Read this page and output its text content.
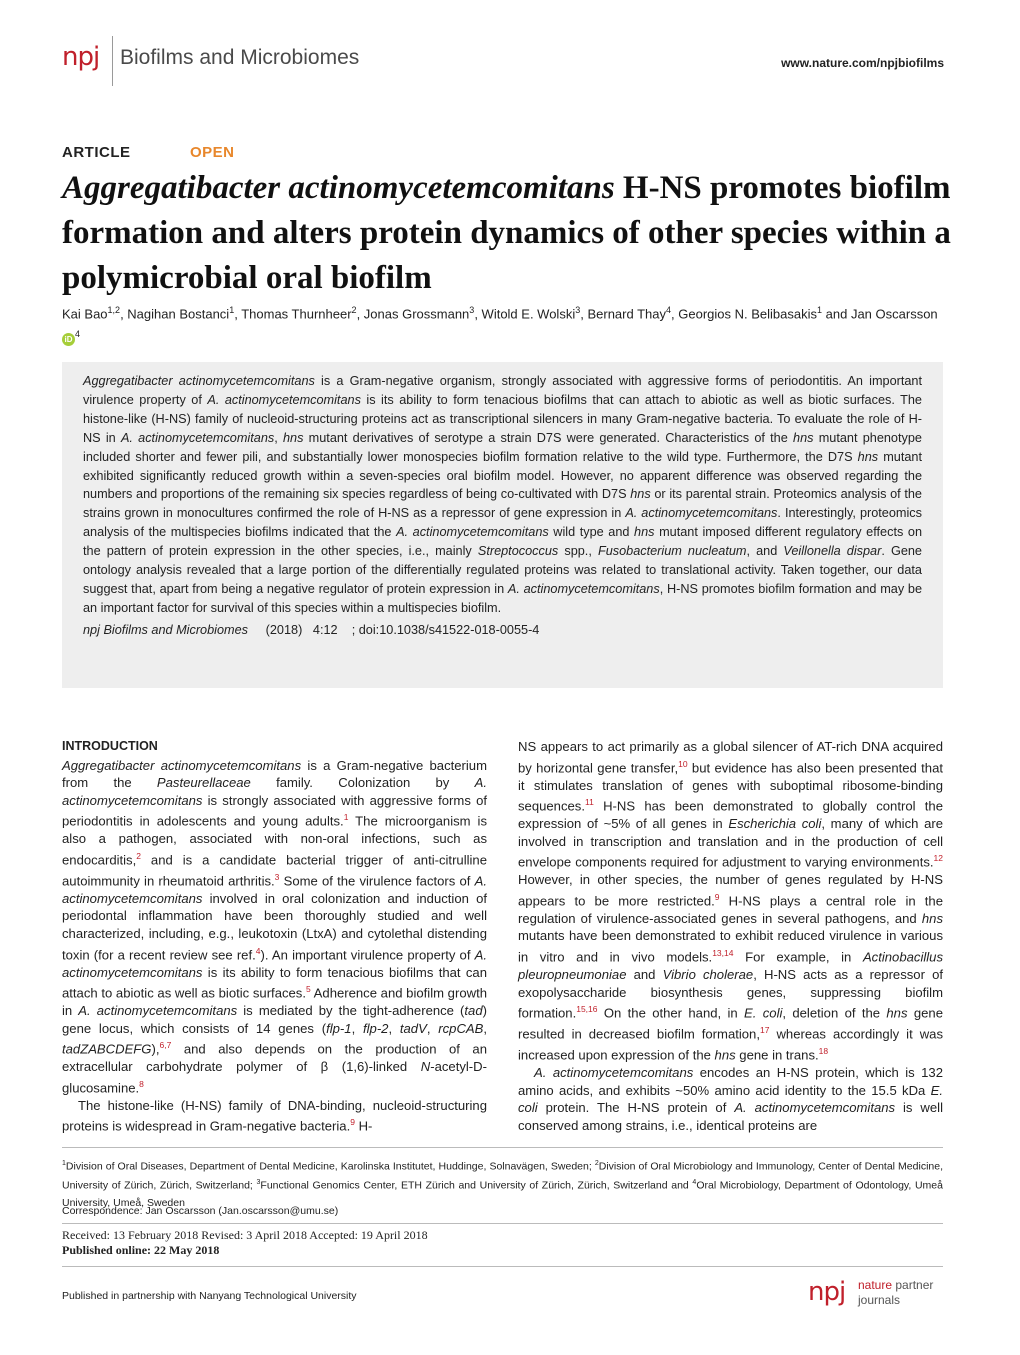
npj Biofilms and Microbiomes	www.nature.com/npjbiofilms
ARTICLE	OPEN
Aggregatibacter actinomycetemcomitans H-NS promotes biofilm formation and alters protein dynamics of other species within a polymicrobial oral biofilm
Kai Bao$^{1,2}$, Nagihan Bostanci$^1$, Thomas Thurnheer$^2$, Jonas Grossmann$^3$, Witold E. Wolski$^3$, Bernard Thay$^4$, Georgios N. Belibasakis$^1$ and Jan Oscarsson iD $^4$

Aggregatibacter actinomycetemcomitans is a Gram-negative organism, strongly associated with aggressive forms of periodontitis. An important virulence property of A. actinomycetemcomitans is its ability to form tenacious biofilms that can attach to abiotic as well as biotic surfaces. The histone-like (H-NS) family of nucleoid-structuring proteins act as transcriptional silencers in many Gram-negative bacteria. To evaluate the role of H-NS in A. actinomycetemcomitans, hns mutant derivatives of serotype a strain D7S were generated. Characteristics of the hns mutant phenotype included shorter and fewer pili, and substantially lower monospecies biofilm formation relative to the wild type. Furthermore, the D7S hns mutant exhibited significantly reduced growth within a seven-species oral biofilm model. However, no apparent difference was observed regarding the numbers and proportions of the remaining six species regardless of being co-cultivated with D7S hns or its parental strain. Proteomics analysis of the strains grown in monocultures confirmed the role of H-NS as a repressor of gene expression in A. actinomycetemcomitans. Interestingly, proteomics analysis of the multispecies biofilms indicated that the A. actinomycetemcomitans wild type and hns mutant imposed different regulatory effects on the pattern of protein expression in the other species, i.e., mainly Streptococcus spp., Fusobacterium nucleatum, and Veillonella dispar. Gene ontology analysis revealed that a large portion of the differentially regulated proteins was related to translational activity. Taken together, our data suggest that, apart from being a negative regulator of protein expression in A. actinomycetemcomitans, H-NS promotes biofilm formation and may be an important factor for survival of this species within a multispecies biofilm.

npj Biofilms and Microbiomes (2018) 4:12 ; doi:10.1038/s41522-018-0055-4

INTRODUCTION

Aggregatibacter actinomycetemcomitans is a Gram-negative bacterium from the Pasteurellaceae family. Colonization by A. actinomycetemcomitans is strongly associated with aggressive forms of periodontitis in adolescents and young adults.$^1$ The microorganism is also a pathogen, associated with non-oral infections, such as endocarditis,$^2$ and is a candidate bacterial trigger of anti-citrulline autoimmunity in rheumatoid arthritis.$^3$ Some of the virulence factors of A. actinomycetemcomitans involved in oral colonization and induction of periodontal inflammation have been thoroughly studied and well characterized, including, e.g., leukotoxin (LtxA) and cytolethal distending toxin (for a recent review see ref.$^4$). An important virulence property of A. actinomycetemcomitans is its ability to form tenacious biofilms that can attach to abiotic as well as biotic surfaces.$^5$ Adherence and biofilm growth in A. actinomycetemcomitans is mediated by the tight-adherence (tad) gene locus, which consists of 14 genes (flp-1, flp-2, tadV, rcpCAB, tadZABCDEFG),$^{6,7}$ and also depends on the production of an extracellular carbohydrate polymer of β (1,6)-linked N-acetyl-D-glucosamine.$^8$

The histone-like (H-NS) family of DNA-binding, nucleoid-structuring proteins is widespread in Gram-negative bacteria.$^9$ H-

NS appears to act primarily as a global silencer of AT-rich DNA acquired by horizontal gene transfer,$^{10}$ but evidence has also been presented that it stimulates translation of genes with suboptimal ribosome-binding sequences.$^{11}$ H-NS has been demonstrated to globally control the expression of ~5% of all genes in Escherichia coli, many of which are involved in transcription and translation and in the production of cell envelope components required for adjustment to varying environments.$^{12}$ However, in other species, the number of genes regulated by H-NS appears to be more restricted.$^9$ H-NS plays a central role in the regulation of virulence-associated genes in several pathogens, and hns mutants have been demonstrated to exhibit reduced virulence in various in vitro and in vivo models.$^{13,14}$ For example, in Actinobacillus pleuropneumoniae and Vibrio cholerae, H-NS acts as a repressor of exopolysaccharide biosynthesis genes, suppressing biofilm formation.$^{15,16}$ On the other hand, in E. coli, deletion of the hns gene resulted in decreased biofilm formation,$^{17}$ whereas accordingly it was increased upon expression of the hns gene in trans.$^{18}$

A. actinomycetemcomitans encodes an H-NS protein, which is 132 amino acids, and exhibits ~50% amino acid identity to the 15.5 kDa E. coli protein. The H-NS protein of A. actinomycetemcomitans is well conserved among strains, i.e., identical proteins are

$^1$Division of Oral Diseases, Department of Dental Medicine, Karolinska Institutet, Huddinge, Solnavägen, Sweden; $^2$Division of Oral Microbiology and Immunology, Center of Dental Medicine, University of Zürich, Zürich, Switzerland; $^3$Functional Genomics Center, ETH Zürich and University of Zürich, Zürich, Switzerland and $^4$Oral Microbiology, Department of Odontology, Umeå University, Umeå, Sweden

Correspondence: Jan Oscarsson (Jan.oscarsson@umu.se)
Received: 13 February 2018 Revised: 3 April 2018 Accepted: 19 April 2018
Published online: 22 May 2018
Published in partnership with Nanyang Technological University	npj nature partner
journals
